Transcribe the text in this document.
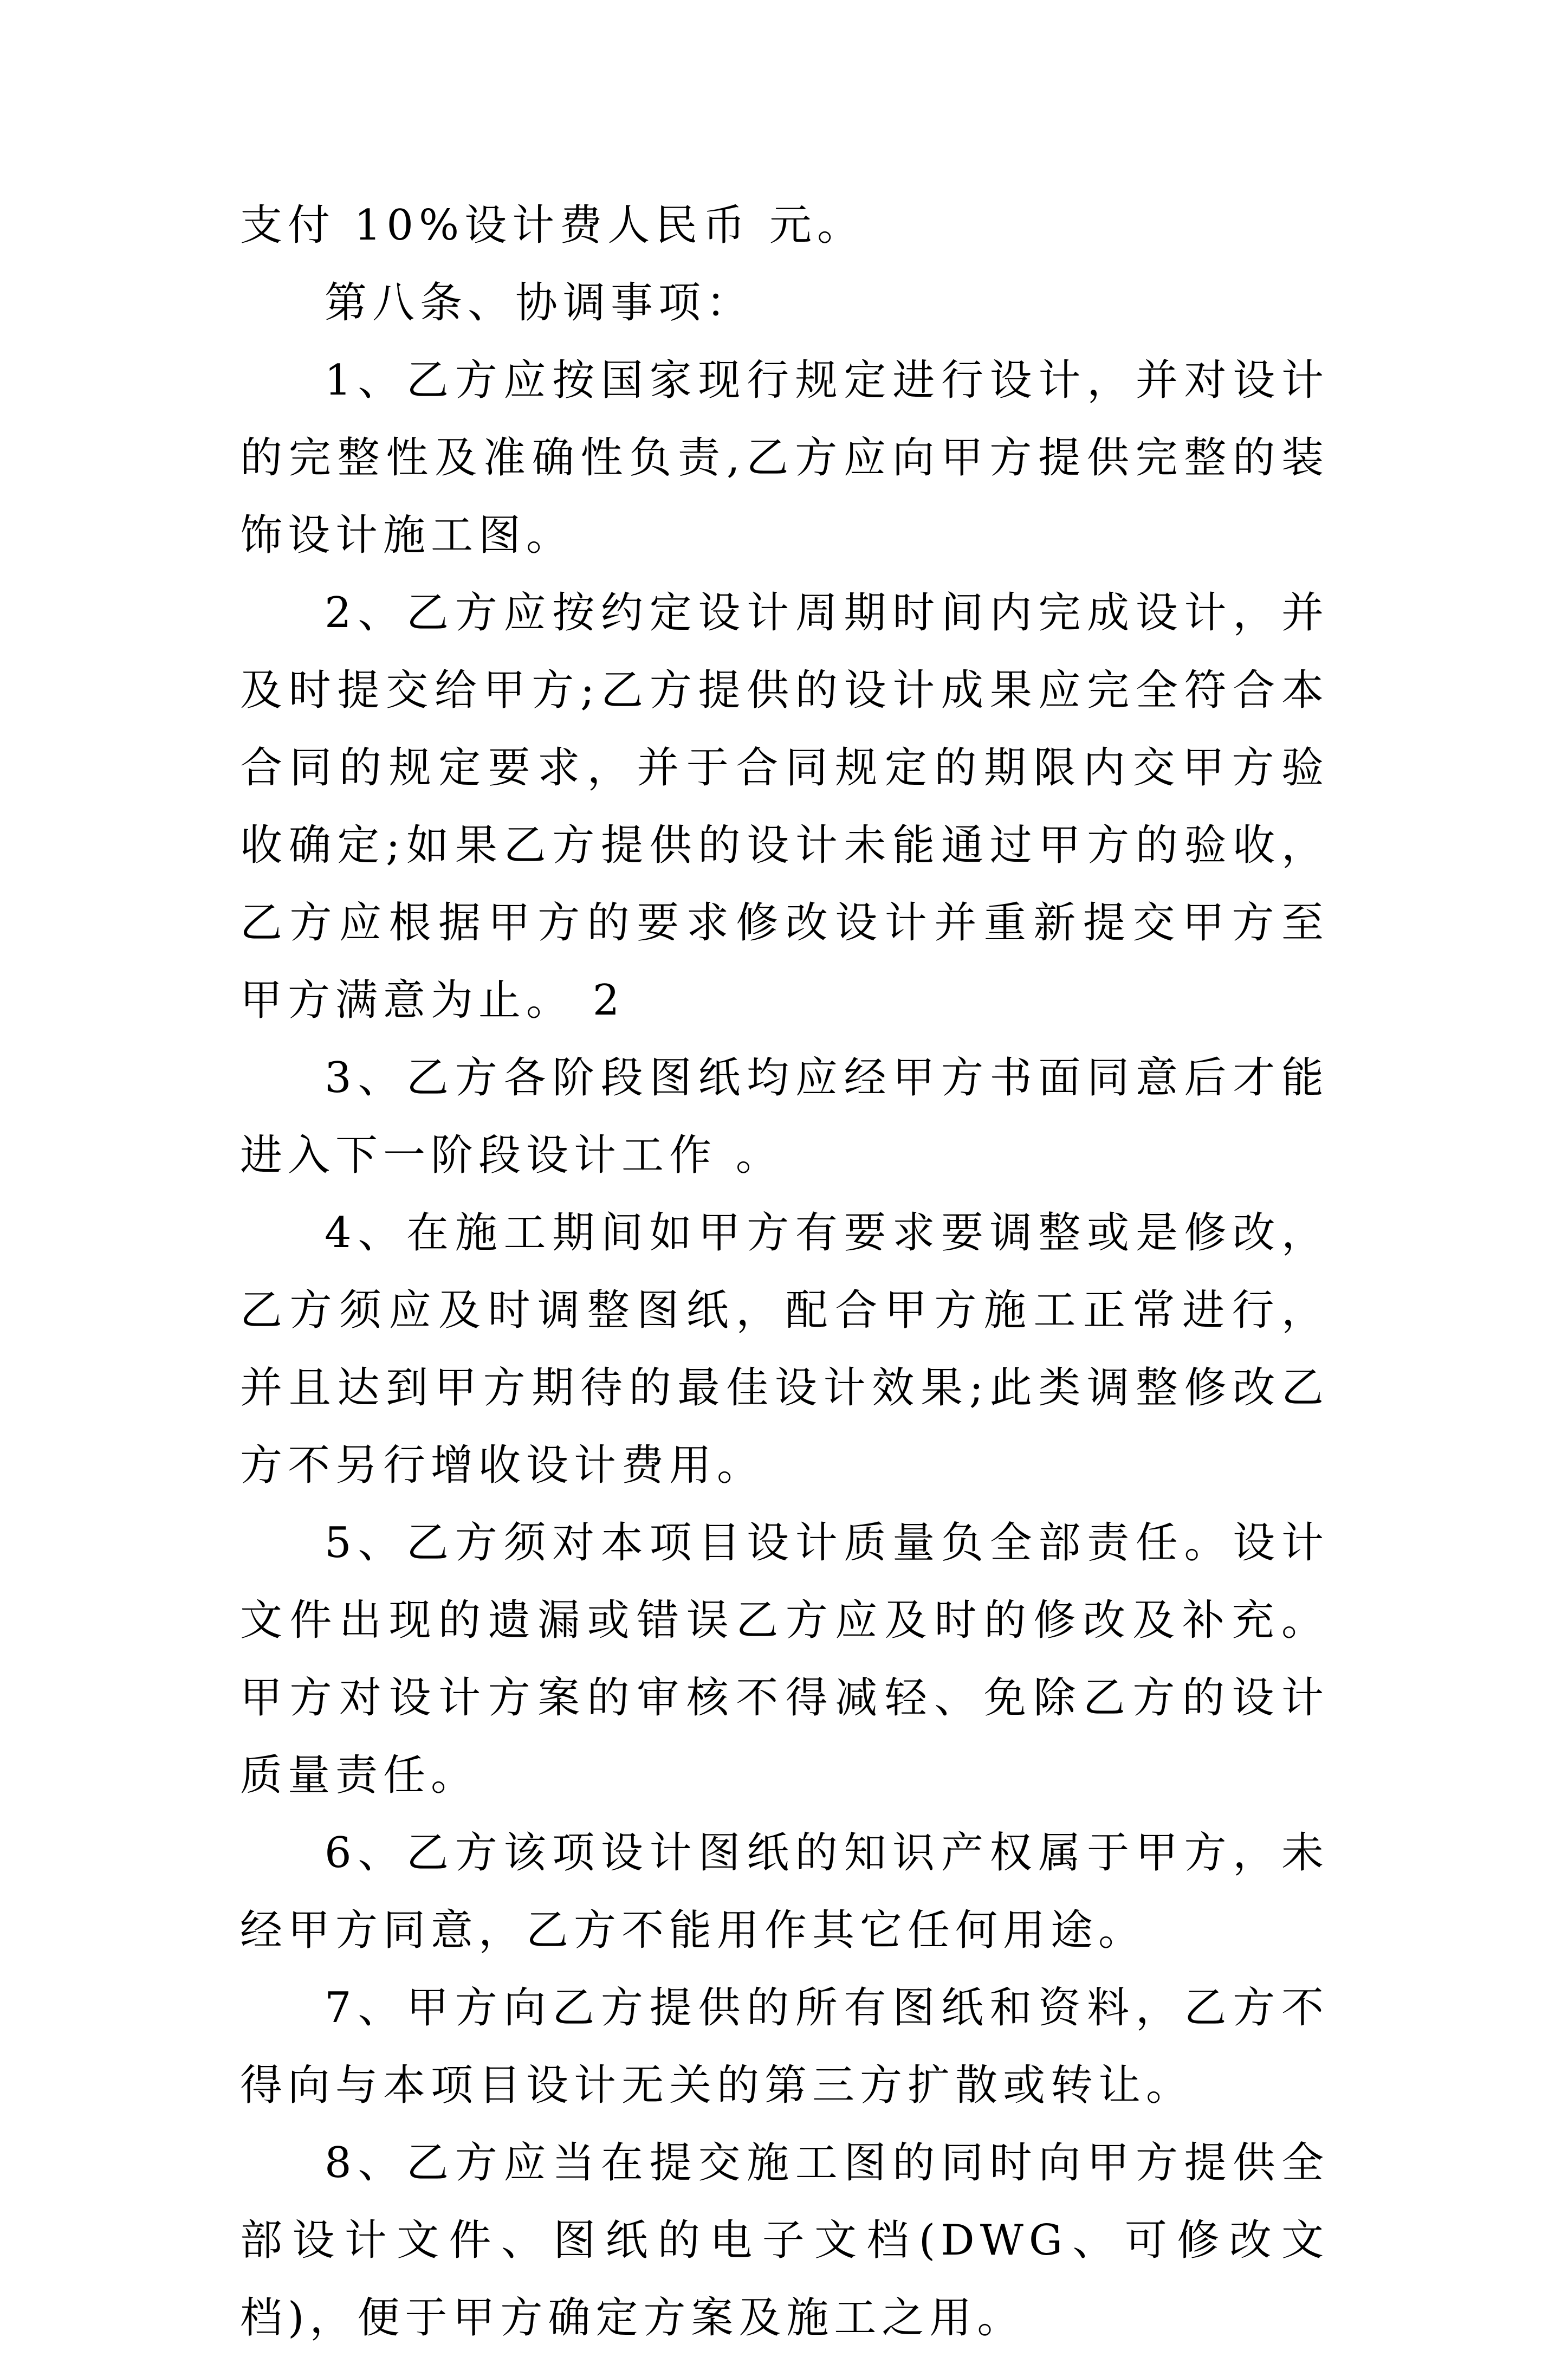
支付 10%设计费人民币 元。

第八条、协调事项：

1、乙方应按国家现行规定进行设计，并对设计的完整性及准确性负责,乙方应向甲方提供完整的装饰设计施工图。

2、乙方应按约定设计周期时间内完成设计，并及时提交给甲方;乙方提供的设计成果应完全符合本合同的规定要求，并于合同规定的期限内交甲方验收确定;如果乙方提供的设计未能通过甲方的验收，乙方应根据甲方的要求修改设计并重新提交甲方至甲方满意为止。 2

3、乙方各阶段图纸均应经甲方书面同意后才能进入下一阶段设计工作 。

4、在施工期间如甲方有要求要调整或是修改，乙方须应及时调整图纸，配合甲方施工正常进行，并且达到甲方期待的最佳设计效果;此类调整修改乙方不另行增收设计费用。

5、乙方须对本项目设计质量负全部责任。设计文件出现的遗漏或错误乙方应及时的修改及补充。甲方对设计方案的审核不得减轻、免除乙方的设计质量责任。

6、乙方该项设计图纸的知识产权属于甲方，未经甲方同意，乙方不能用作其它任何用途。

7、甲方向乙方提供的所有图纸和资料，乙方不得向与本项目设计无关的第三方扩散或转让。

8、乙方应当在提交施工图的同时向甲方提供全部设计文件、图纸的电子文档(DWG、可修改文档)，便于甲方确定方案及施工之用。
